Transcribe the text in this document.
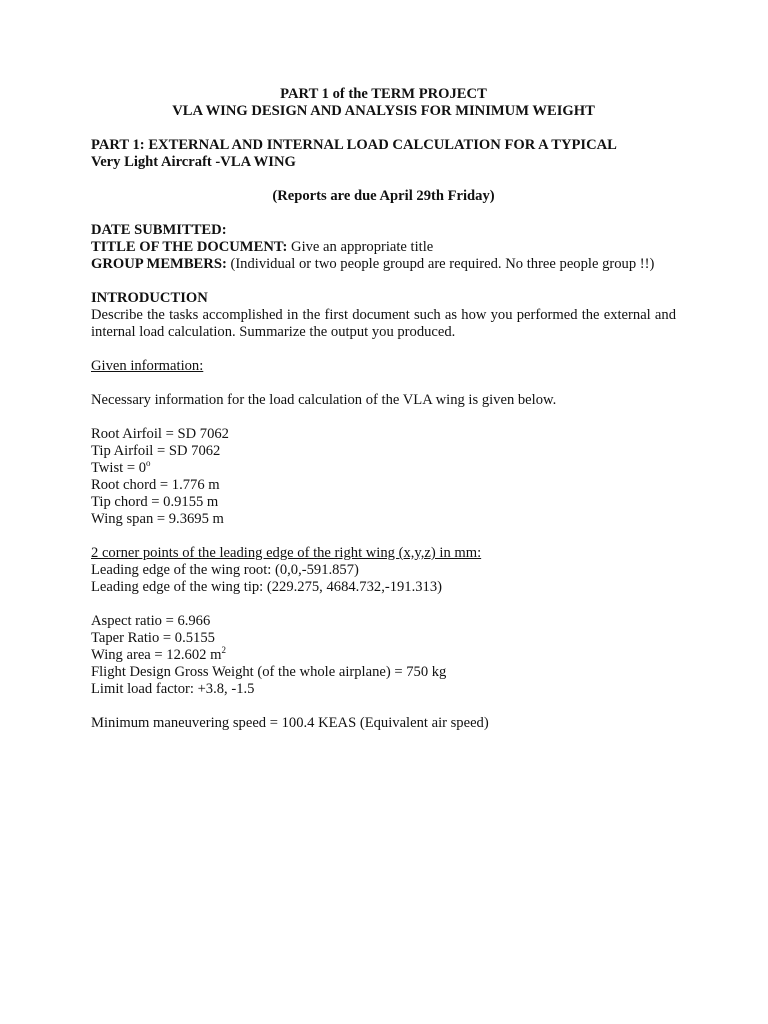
PART 1 of the TERM PROJECT

VLA WING DESIGN AND ANALYSIS FOR MINIMUM WEIGHT

PART 1: EXTERNAL AND INTERNAL LOAD CALCULATION FOR A TYPICAL

Very Light Aircraft -VLA WING

(Reports are due April 29th Friday)

DATE SUBMITTED:

TITLE OF THE DOCUMENT: Give an appropriate title

GROUP MEMBERS: (Individual or two people groupd are required. No three people group !!)

INTRODUCTION

Describe the tasks accomplished in the first document such as how you performed the external and internal load calculation. Summarize the output you produced.

Given information:

Necessary information for the load calculation of the VLA wing is given below.

Root Airfoil = SD 7062

Tip Airfoil = SD 7062

Twist = $0^o$

Root chord = 1.776 m

Tip chord = 0.9155 m

Wing span = 9.3695 m

2 corner points of the leading edge of the right wing (x,y,z) in mm:

Leading edge of the wing root: (0,0,-591.857)

Leading edge of the wing tip: (229.275, 4684.732,-191.313)

Aspect ratio = 6.966

Taper Ratio = 0.5155

Wing area = 12.602 $m^2$

Flight Design Gross Weight (of the whole airplane) = 750 kg

Limit load factor: +3.8, -1.5

Minimum maneuvering speed = 100.4 KEAS (Equivalent air speed)
